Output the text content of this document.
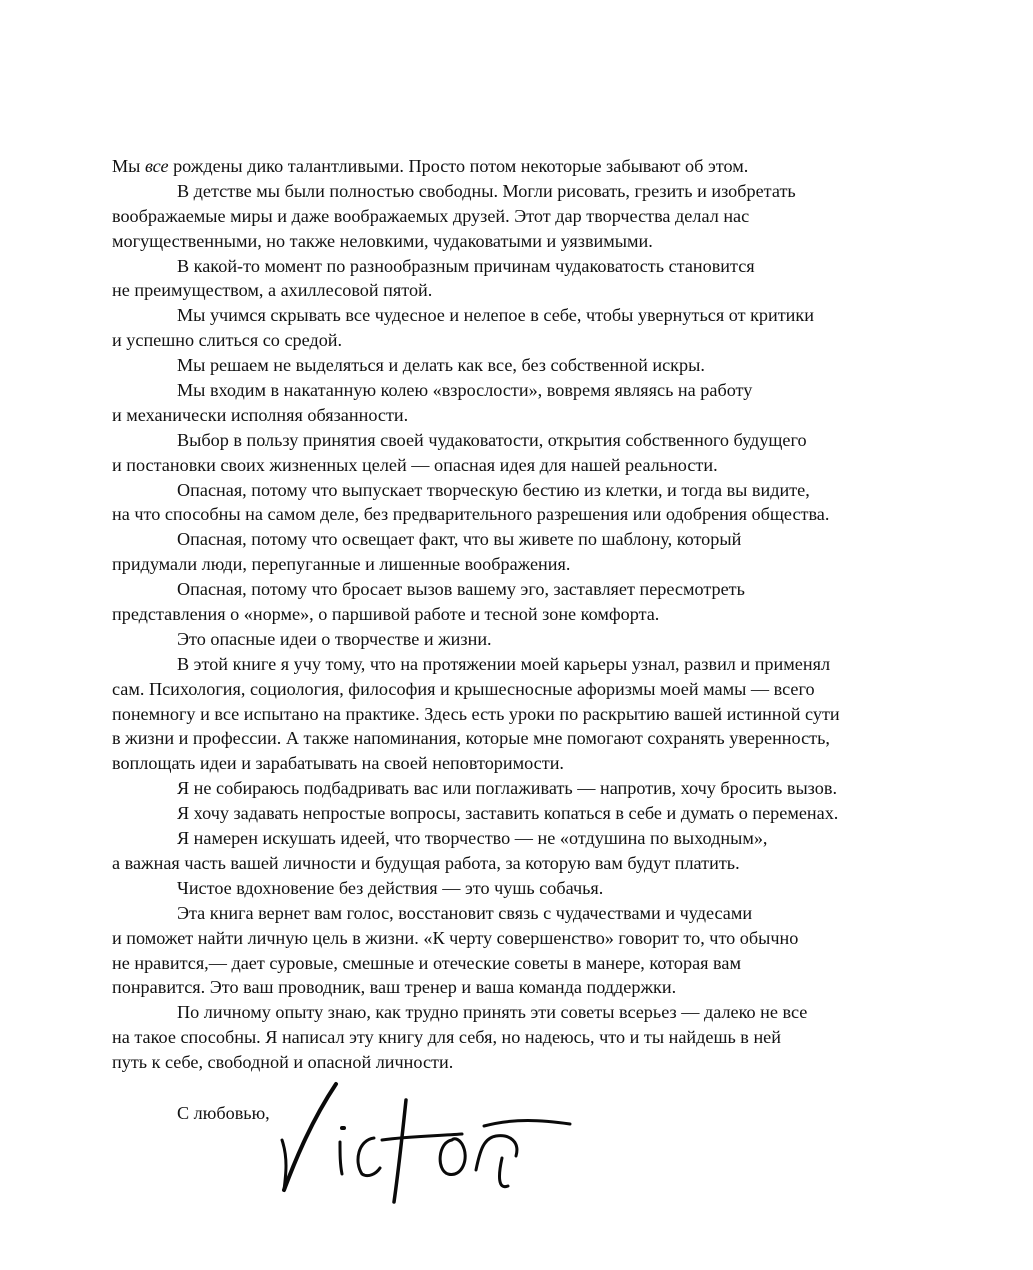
Мы все рождены дико талантливыми. Просто потом некоторые забывают об этом.
В детстве мы были полностью свободны. Могли рисовать, грезить и изобретать
воображаемые миры и даже воображаемых друзей. Этот дар творчества делал нас
могущественными, но также неловкими, чудаковатыми и уязвимыми.
В какой-то момент по разнообразным причинам чудаковатость становится
не преимуществом, а ахиллесовой пятой.
Мы учимся скрывать все чудесное и нелепое в себе, чтобы увернуться от критики
и успешно слиться со средой.
Мы решаем не выделяться и делать как все, без собственной искры.
Мы входим в накатанную колею «взрослости», вовремя являясь на работу
и механически исполняя обязанности.
Выбор в пользу принятия своей чудаковатости, открытия собственного будущего
и постановки своих жизненных целей — опасная идея для нашей реальности.
Опасная, потому что выпускает творческую бестию из клетки, и тогда вы видите,
на что способны на самом деле, без предварительного разрешения или одобрения общества.
Опасная, потому что освещает факт, что вы живете по шаблону, который
придумали люди, перепуганные и лишенные воображения.
Опасная, потому что бросает вызов вашему эго, заставляет пересмотреть
представления о «норме», о паршивой работе и тесной зоне комфорта.
Это опасные идеи о творчестве и жизни.
В этой книге я учу тому, что на протяжении моей карьеры узнал, развил и применял
сам. Психология, социология, философия и крышесносные афоризмы моей мамы — всего
понемногу и все испытано на практике. Здесь есть уроки по раскрытию вашей истинной сути
в жизни и профессии. А также напоминания, которые мне помогают сохранять уверенность,
воплощать идеи и зарабатывать на своей неповторимости.
Я не собираюсь подбадривать вас или поглаживать — напротив, хочу бросить вызов.
Я хочу задавать непростые вопросы, заставить копаться в себе и думать о переменах.
Я намерен искушать идеей, что творчество — не «отдушина по выходным»,
а важная часть вашей личности и будущая работа, за которую вам будут платить.
Чистое вдохновение без действия — это чушь собачья.
Эта книга вернет вам голос, восстановит связь с чудачествами и чудесами
и поможет найти личную цель в жизни. «К черту совершенство» говорит то, что обычно
не нравится,— дает суровые, смешные и отеческие советы в манере, которая вам
понравится. Это ваш проводник, ваш тренер и ваша команда поддержки.
По личному опыту знаю, как трудно принять эти советы всерьез — далеко не все
на такое способны. Я написал эту книгу для себя, но надеюсь, что и ты найдешь в ней
путь к себе, свободной и опасной личности.
С любовью,
